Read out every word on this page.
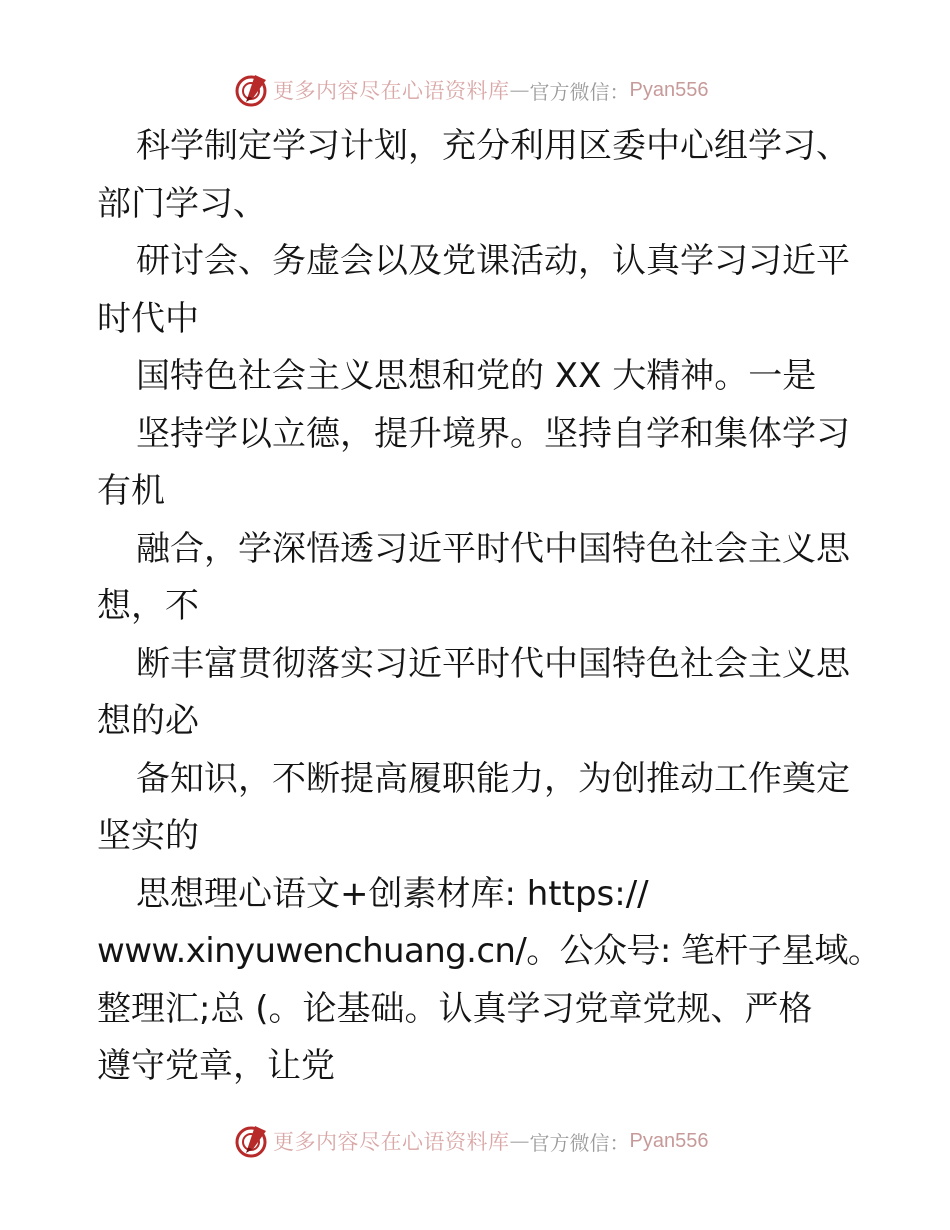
更多内容尽在心语资料库 — 官方微信： Pyan556
科学制定学习计划，充分利用区委中心组学习、
部门学习、
研讨会、务虚会以及党课活动，认真学习习近平
时代中
国特色社会主义思想和党的 XX 大精神。一是
坚持学以立德，提升境界。坚持自学和集体学习
有机
融合，学深悟透习近平时代中国特色社会主义思
想，不
断丰富贯彻落实习近平时代中国特色社会主义思
想的必
备知识，不断提高履职能力，为创推动工作奠定
坚实的
思想理心语文+创素材库: https://
www.xinyuwenchuang.cn/。公众号: 笔杆子星域。
整理汇;总 (。论基础。认真学习党章党规、严格
遵守党章，让党
更多内容尽在心语资料库 — 官方微信： Pyan556
